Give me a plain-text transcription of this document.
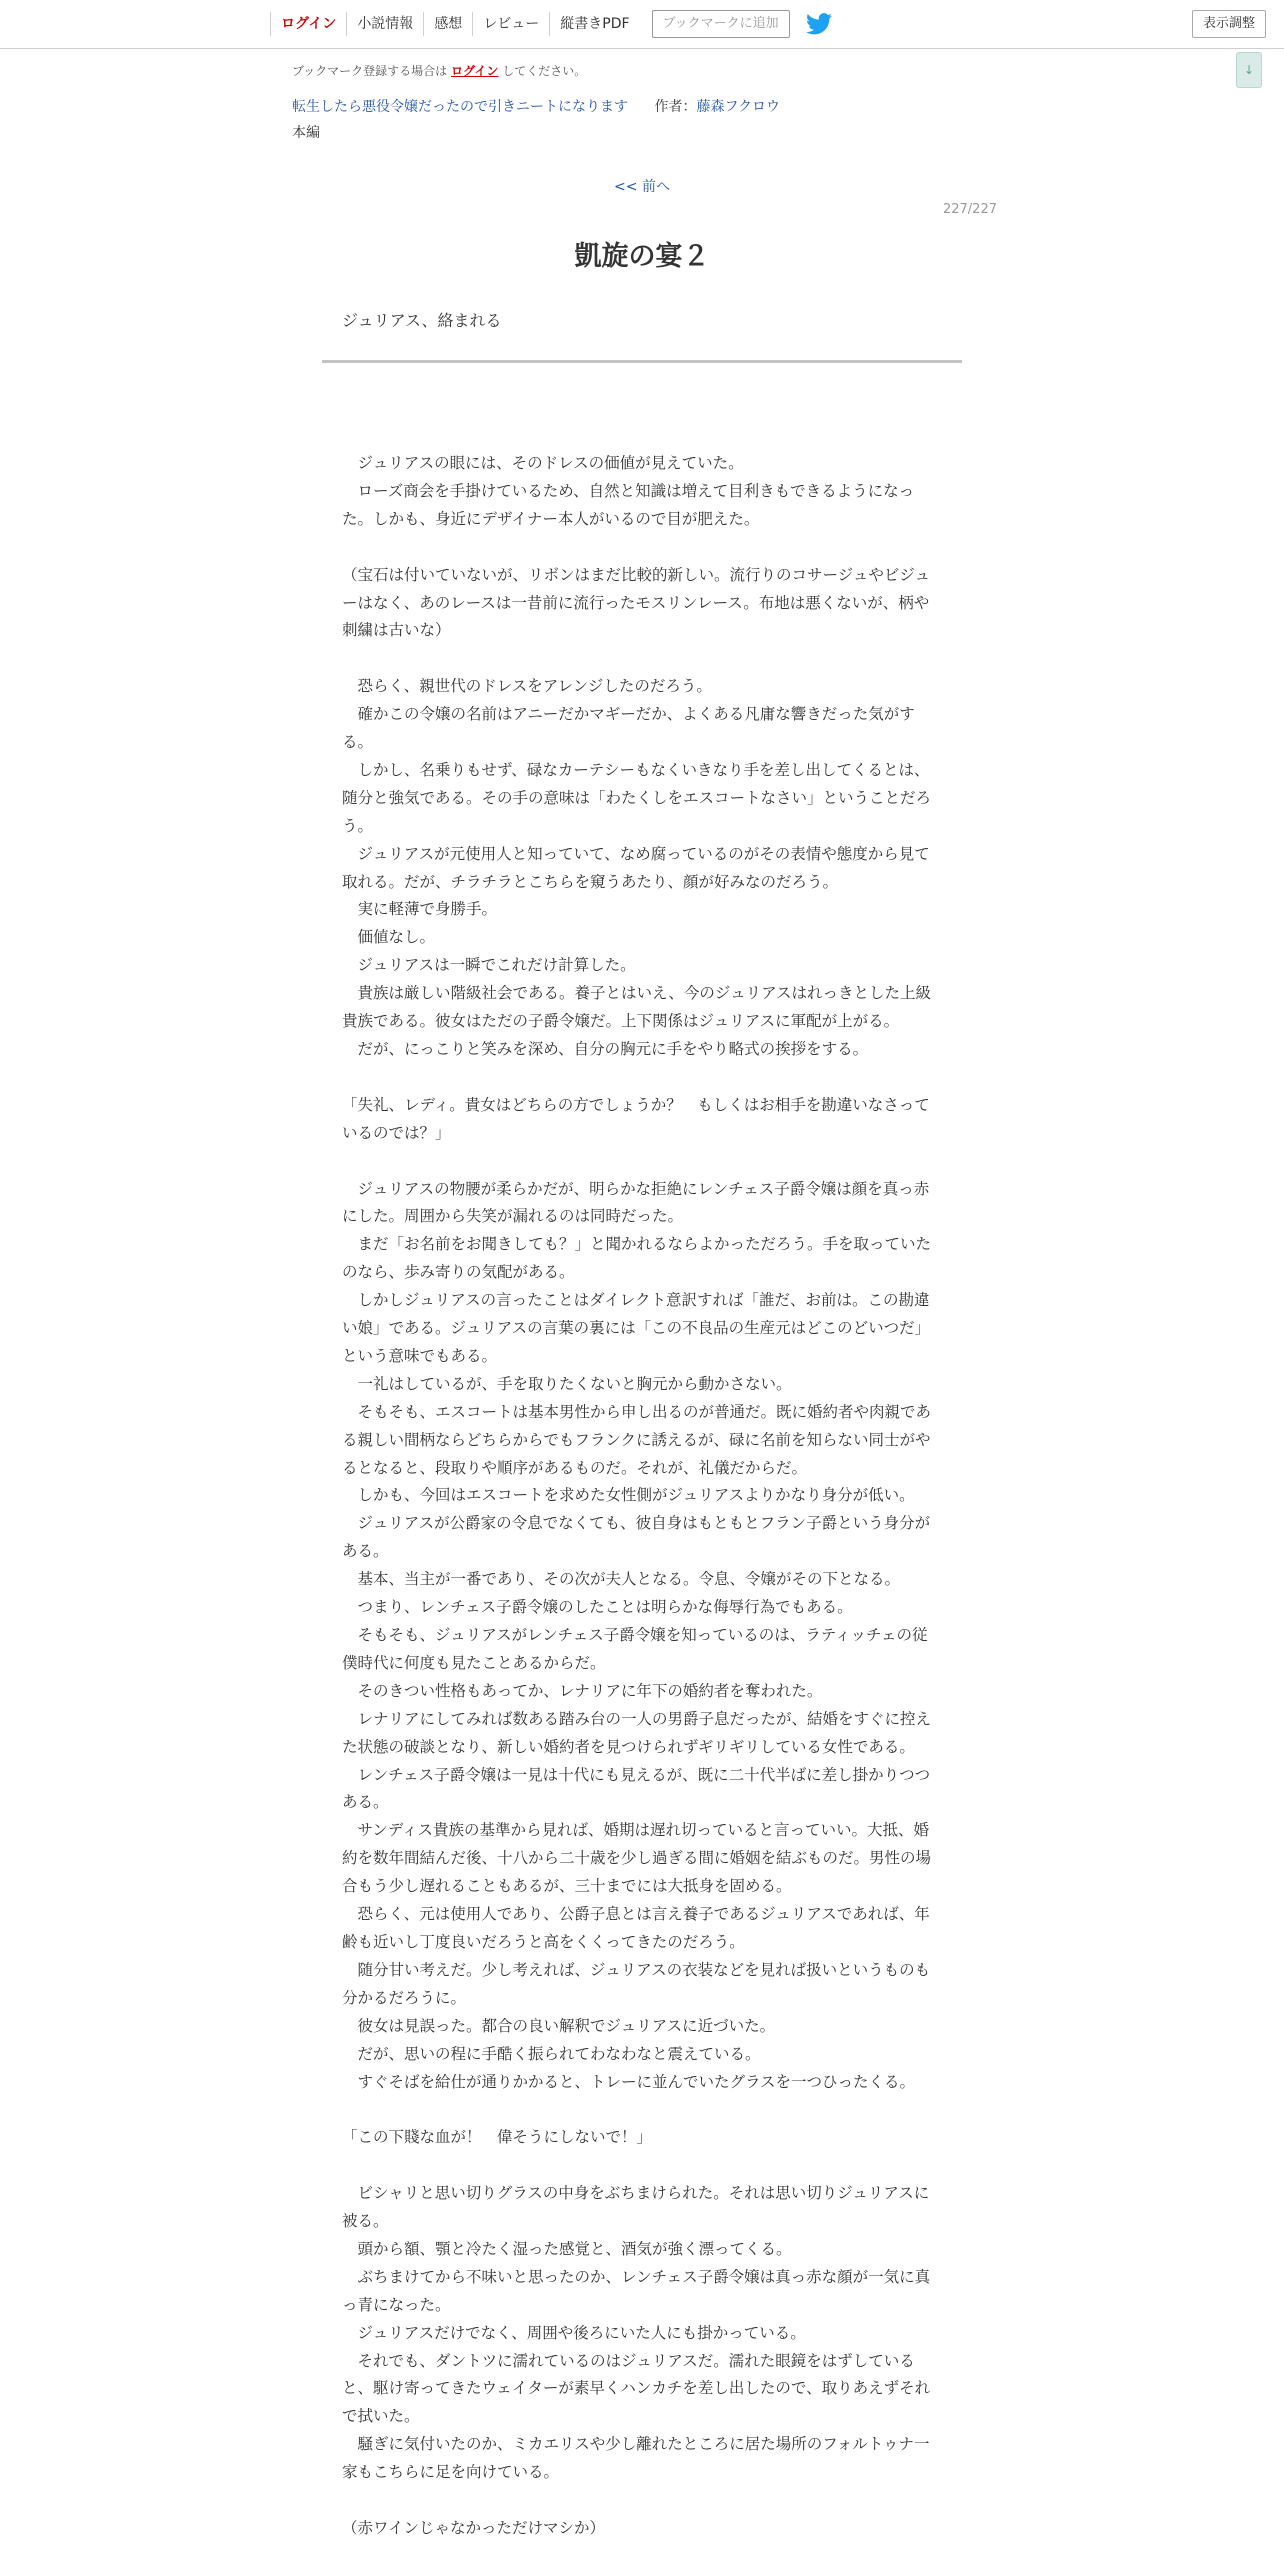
ログイン	小説情報	感想	レビュー	縦書きPDF	ブックマークに追加	表示調整
↓
ブックマーク登録する場合は ログイン してください。
転生したら悪役令嬢だったので引きニートになります 作者：藤森フクロウ
本編
<< 前へ
227/227
凱旋の宴２
ジュリアス、絡まれる

　ジュリアスの眼には、そのドレスの価値が見えていた。

　ローズ商会を手掛けているため、自然と知識は増えて目利きもできるようになった。しかも、身近にデザイナー本人がいるので目が肥えた。

（宝石は付いていないが、リボンはまだ比較的新しい。流行りのコサージュやビジューはなく、あのレースは一昔前に流行ったモスリンレース。布地は悪くないが、柄や刺繍は古いな）

　恐らく、親世代のドレスをアレンジしたのだろう。

　確かこの令嬢の名前はアニーだかマギーだか、よくある凡庸な響きだった気がする。

　しかし、名乗りもせず、碌なカーテシーもなくいきなり手を差し出してくるとは、随分と強気である。その手の意味は「わたくしをエスコートなさい」ということだろう。

　ジュリアスが元使用人と知っていて、なめ腐っているのがその表情や態度から見て取れる。だが、チラチラとこちらを窺うあたり、顔が好みなのだろう。

　実に軽薄で身勝手。

　価値なし。

　ジュリアスは一瞬でこれだけ計算した。

　貴族は厳しい階級社会である。養子とはいえ、今のジュリアスはれっきとした上級貴族である。彼女はただの子爵令嬢だ。上下関係はジュリアスに軍配が上がる。

　だが、にっこりと笑みを深め、自分の胸元に手をやり略式の挨拶をする。

「失礼、レディ。貴女はどちらの方でしょうか？　もしくはお相手を勘違いなさっているのでは？」

　ジュリアスの物腰が柔らかだが、明らかな拒絶にレンチェス子爵令嬢は顔を真っ赤にした。周囲から失笑が漏れるのは同時だった。

　まだ「お名前をお聞きしても？」と聞かれるならよかっただろう。手を取っていたのなら、歩み寄りの気配がある。

　しかしジュリアスの言ったことはダイレクト意訳すれば「誰だ、お前は。この勘違い娘」である。ジュリアスの言葉の裏には「この不良品の生産元はどこのどいつだ」という意味でもある。

　一礼はしているが、手を取りたくないと胸元から動かさない。

　そもそも、エスコートは基本男性から申し出るのが普通だ。既に婚約者や肉親である親しい間柄ならどちらからでもフランクに誘えるが、碌に名前を知らない同士がやるとなると、段取りや順序があるものだ。それが、礼儀だからだ。

　しかも、今回はエスコートを求めた女性側がジュリアスよりかなり身分が低い。

　ジュリアスが公爵家の令息でなくても、彼自身はもともとフラン子爵という身分がある。

　基本、当主が一番であり、その次が夫人となる。令息、令嬢がその下となる。

　つまり、レンチェス子爵令嬢のしたことは明らかな侮辱行為でもある。

　そもそも、ジュリアスがレンチェス子爵令嬢を知っているのは、ラティッチェの従僕時代に何度も見たことあるからだ。

　そのきつい性格もあってか、レナリアに年下の婚約者を奪われた。

　レナリアにしてみれば数ある踏み台の一人の男爵子息だったが、結婚をすぐに控えた状態の破談となり、新しい婚約者を見つけられずギリギリしている女性である。

　レンチェス子爵令嬢は一見は十代にも見えるが、既に二十代半ばに差し掛かりつつある。

　サンディス貴族の基準から見れば、婚期は遅れ切っていると言っていい。大抵、婚約を数年間結んだ後、十八から二十歳を少し過ぎる間に婚姻を結ぶものだ。男性の場合もう少し遅れることもあるが、三十までには大抵身を固める。

　恐らく、元は使用人であり、公爵子息とは言え養子であるジュリアスであれば、年齢も近いし丁度良いだろうと高をくくってきたのだろう。

　随分甘い考えだ。少し考えれば、ジュリアスの衣装などを見れば扱いというものも分かるだろうに。

　彼女は見誤った。都合の良い解釈でジュリアスに近づいた。

　だが、思いの程に手酷く振られてわなわなと震えている。

　すぐそばを給仕が通りかかると、トレーに並んでいたグラスを一つひったくる。

「この下賤な血が！　偉そうにしないで！」

　ビシャリと思い切りグラスの中身をぶちまけられた。それは思い切りジュリアスに被る。

　頭から額、顎と冷たく湿った感覚と、酒気が強く漂ってくる。

　ぶちまけてから不味いと思ったのか、レンチェス子爵令嬢は真っ赤な顔が一気に真っ青になった。

　ジュリアスだけでなく、周囲や後ろにいた人にも掛かっている。

　それでも、ダントツに濡れているのはジュリアスだ。濡れた眼鏡をはずしていると、駆け寄ってきたウェイターが素早くハンカチを差し出したので、取りあえずそれで拭いた。

　騒ぎに気付いたのか、ミカエリスや少し離れたところに居た場所のフォルトゥナ一家もこちらに足を向けている。

（赤ワインじゃなかっただけマシか）
